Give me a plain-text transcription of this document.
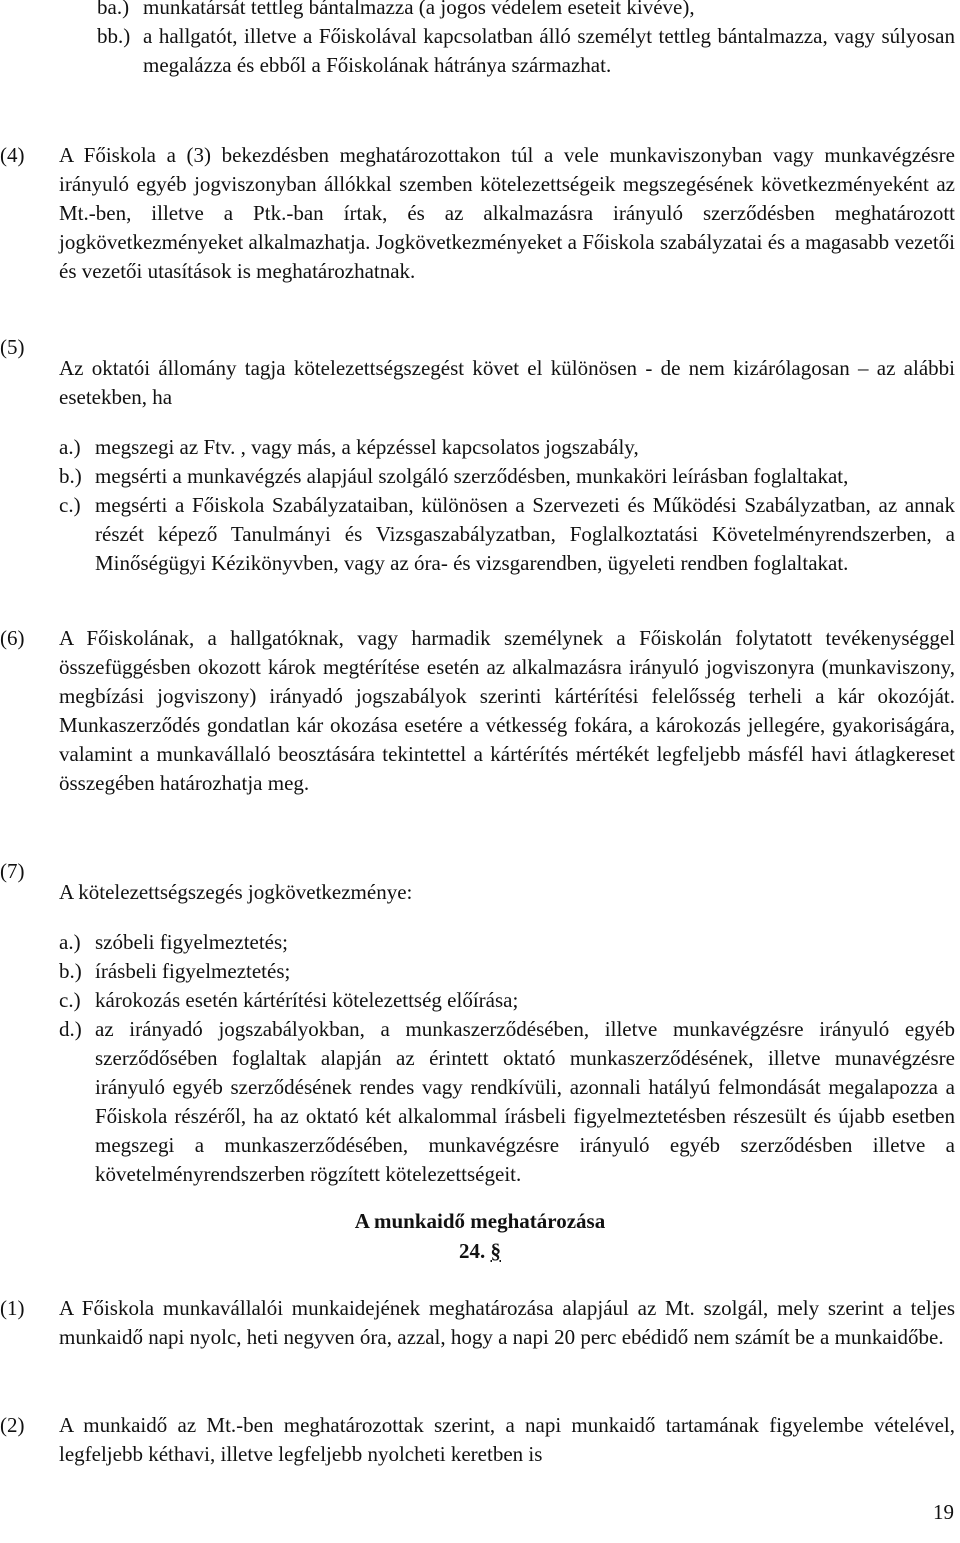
ba.) munkatársát tettleg bántalmazza (a jogos védelem eseteit kivéve),
bb.) a hallgatót, illetve a Főiskolával kapcsolatban álló személyt tettleg bántalmazza, vagy súlyosan megalázza és ebből a Főiskolának hátránya származhat.
(4) A Főiskola a (3) bekezdésben meghatározottakon túl a vele munkaviszonyban vagy munkavégzésre irányuló egyéb jogviszonyban állókkal szemben kötelezettségeik megszegésének következményeként az Mt.-ben, illetve a Ptk.-ban írtak, és az alkalmazásra irányuló szerződésben meghatározott jogkövetkezményeket alkalmazhatja. Jogkövetkezményeket a Főiskola szabályzatai és a magasabb vezetői és vezetői utasítások is meghatározhatnak.
(5)

Az oktatói állomány tagja kötelezettségszegést követ el különösen - de nem kizárólagosan – az alábbi esetekben, ha

a.) megszegi az Ftv. , vagy más, a képzéssel kapcsolatos jogszabály,
b.) megsérti a munkavégzés alapjául szolgáló szerződésben, munkaköri leírásban foglaltakat,
c.) megsérti a Főiskola Szabályzataiban, különösen a Szervezeti és Működési Szabályzatban, az annak részét képező Tanulmányi és Vizsgaszabályzatban, Foglalkoztatási Követelményrendszerben, a Minőségügyi Kézikönyvben, vagy az óra- és vizsgarendben, ügyeleti rendben foglaltakat.
(6) A Főiskolának, a hallgatóknak, vagy harmadik személynek a Főiskolán folytatott tevékenységgel összefüggésben okozott károk megtérítése esetén az alkalmazásra irányuló jogviszonyra (munkaviszony, megbízási jogviszony) irányadó jogszabályok szerinti kártérítési felelősség terheli a kár okozóját. Munkaszerződés gondatlan kár okozása esetére a vétkesség fokára, a károkozás jellegére, gyakoriságára, valamint a munkavállaló beosztására tekintettel a kártérítés mértékét legfeljebb másfél havi átlagkereset összegében határozhatja meg.
(7)

A kötelezettségszegés jogkövetkezménye:

a.) szóbeli figyelmeztetés;
b.) írásbeli figyelmeztetés;
c.) károkozás esetén kártérítési kötelezettség előírása;
d.) az irányadó jogszabályokban, a munkaszerződésében, illetve munkavégzésre irányuló egyéb szerződősében foglaltak alapján az érintett oktató munkaszerződésének, illetve munavégzésre irányuló egyéb szerződésének rendes vagy rendkívüli, azonnali hatályú felmondását megalapozza a Főiskola részéről, ha az oktató két alkalommal írásbeli figyelmeztetésben részesült és újabb esetben megszegi a munkaszerződésében, munkavégzésre irányuló egyéb szerződésben illetve a követelményrendszerben rögzített kötelezettségeit.
A munkaidő meghatározása
24. §
(1) A Főiskola munkavállalói munkaidejének meghatározása alapjául az Mt. szolgál, mely szerint a teljes munkaidő napi nyolc, heti negyven óra, azzal, hogy a napi 20 perc ebédidő nem számít be a munkaidőbe.
(2) A munkaidő az Mt.-ben meghatározottak szerint, a napi munkaidő tartamának figyelembe vételével, legfeljebb kéthavi, illetve legfeljebb nyolcheti keretben is
19
